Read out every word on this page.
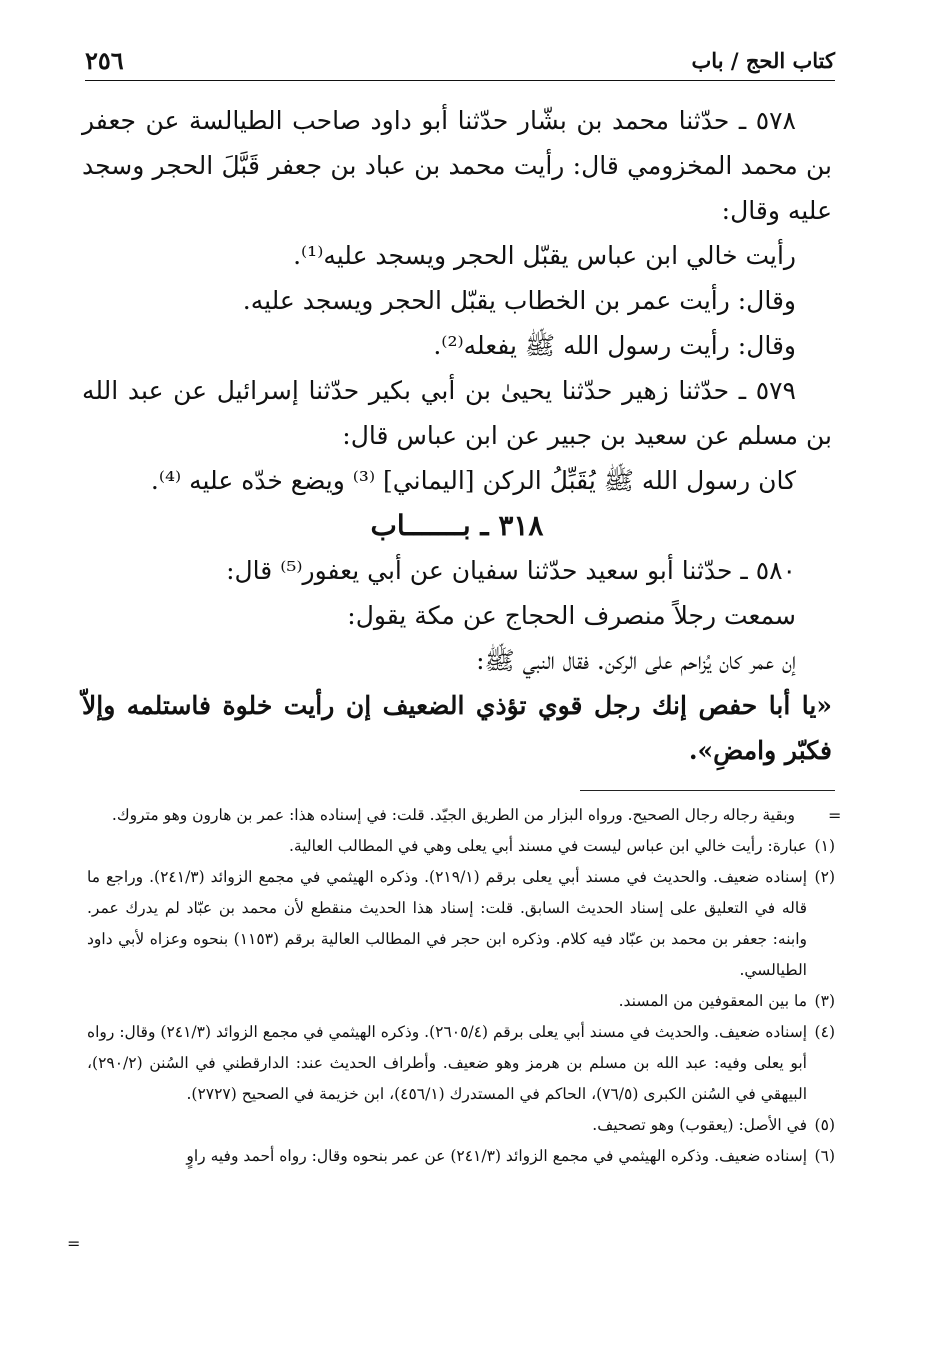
٢٥٦	كتاب الحج / باب

٥٧٨ ـ حدّثنا محمد بن بشّار حدّثنا أبو داود صاحب الطيالسة عن جعفر بن محمد المخزومي قال: رأيت محمد بن عباد بن جعفر قَبَّلَ الحجر وسجد عليه وقال:

رأيت خالي ابن عباس يقبّل الحجر ويسجد عليه⁽¹⁾.

وقال: رأيت عمر بن الخطاب يقبّل الحجر ويسجد عليه.

وقال: رأيت رسول الله ﷺ يفعله⁽²⁾.

٥٧٩ ـ حدّثنا زهير حدّثنا يحيىٰ بن أبي بكير حدّثنا إسرائيل عن عبد الله بن مسلم عن سعيد بن جبير عن ابن عباس قال:

كان رسول الله ﷺ يُقَبِّلُ الركن [اليماني] ⁽³⁾ ويضع خدّه عليه ⁽⁴⁾.

٣١٨ ـ بـــــــاب

٥٨٠ ـ حدّثنا أبو سعيد حدّثنا سفيان عن أبي يعفور⁽⁵⁾ قال:

سمعت رجلاً منصرف الحجاج عن مكة يقول:

إن عمر كان يُزاحم على الركن. فقال النبي ﷺ:

«يا أبا حفص إنك رجل قوي تؤذي الضعيف إن رأيت خلوة فاستلمه وإلاّ فكبّر وامضِ».

=
وبقية رجاله رجال الصحيح. ورواه البزار من الطريق الجيّد. قلت: في إسناده هذا: عمر بن هارون وهو متروك.
(١)
عبارة: رأيت خالي ابن عباس ليست في مسند أبي يعلى وهي في المطالب العالية.
(٢)
إسناده ضعيف. والحديث في مسند أبي يعلى برقم (٢١٩/١). وذكره الهيثمي في مجمع الزوائد (٢٤١/٣). وراجع ما قاله في التعليق على إسناد الحديث السابق. قلت: إسناد هذا الحديث منقطع لأن محمد بن عبّاد لم يدرك عمر. وابنه: جعفر بن محمد بن عبّاد فيه كلام. وذكره ابن حجر في المطالب العالية برقم (١١٥٣) بنحوه وعزاه لأبي داود الطيالسي.
(٣)
ما بين المعقوفين من المسند.
(٤)
إسناده ضعيف. والحديث في مسند أبي يعلى برقم (٢٦٠٥/٤). وذكره الهيثمي في مجمع الزوائد (٢٤١/٣) وقال: رواه أبو يعلى وفيه: عبد الله بن مسلم بن هرمز وهو ضعيف. وأطراف الحديث عند: الدارقطني في السُنن (٢٩٠/٢)، البيهقي في السُنن الكبرى (٧٦/٥)، الحاكم في المستدرك (٤٥٦/١)، ابن خزيمة في الصحيح (٢٧٢٧).
(٥)
في الأصل: (يعقوب) وهو تصحيف.
(٦)
إسناده ضعيف. وذكره الهيثمي في مجمع الزوائد (٢٤١/٣) عن عمر بنحوه وقال: رواه أحمد وفيه راوٍ
=
